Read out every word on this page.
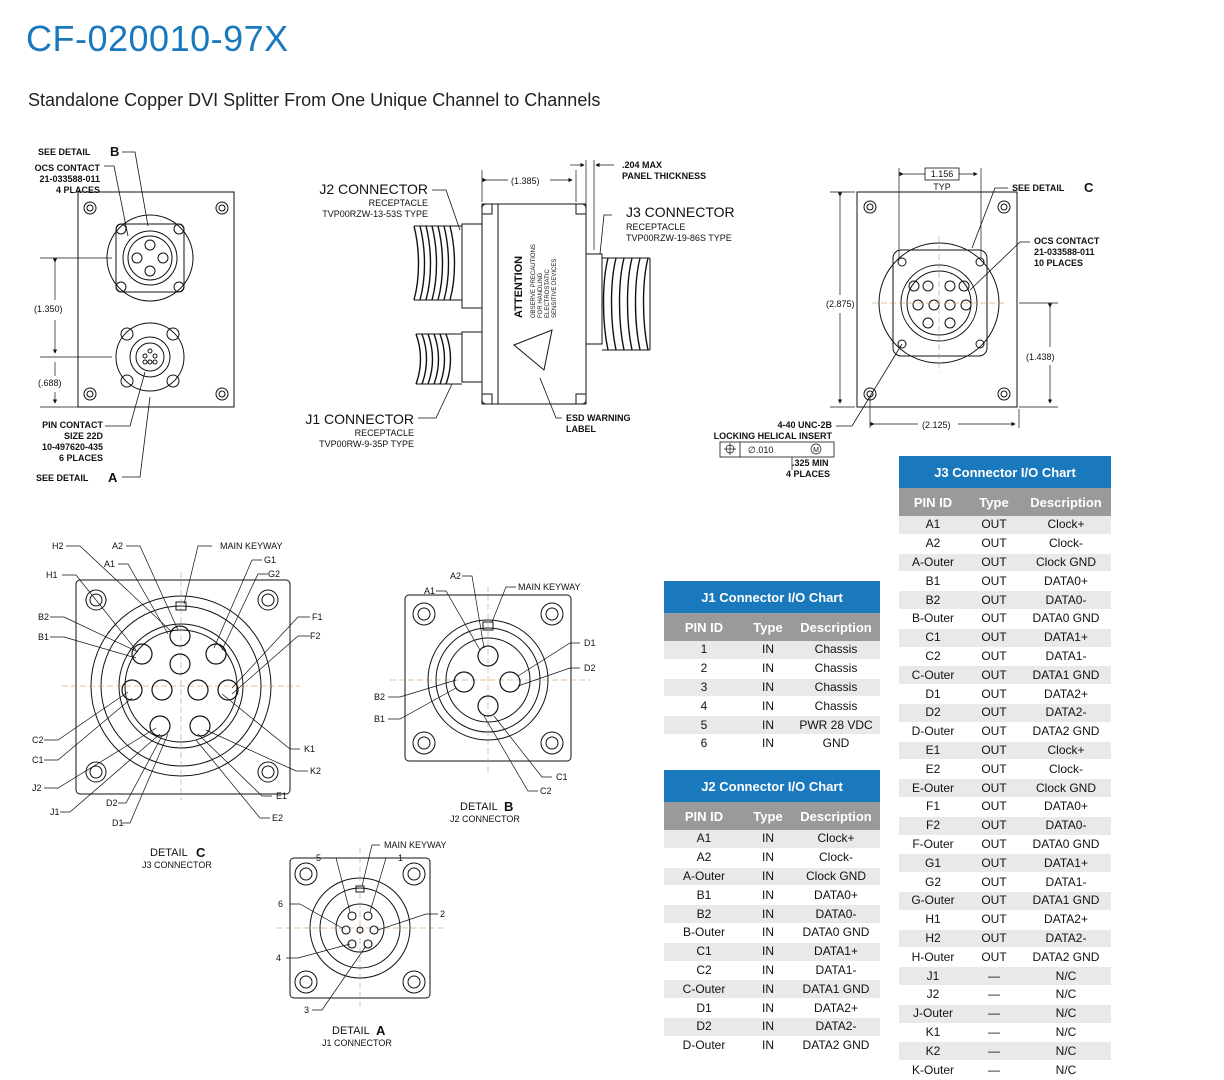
CF-020010-97X
Standalone Copper DVI Splitter From One Unique Channel to Channels
SEE DETAIL B
OCS CONTACT
21-033588-011
4 PLACES
(1.350)
(.688)
PIN CONTACT
SIZE 22D
10-497620-435
6 PLACES
SEE DETAIL A
J2 CONNECTOR
RECEPTACLE
TVP00RZW-13-53S TYPE
(1.385)
.204 MAX
PANEL THICKNESS
J3 CONNECTOR
RECEPTACLE
TVP00RZW-19-86S TYPE
ATTENTION OBSERVE PRECAUTIONS FOR HANDLING ELECTROSTATIC SENSITIVE DEVICES
J1 CONNECTOR
RECEPTACLE
TVP00RW-9-35P TYPE
ESD WARNING
LABEL
1.156
TYP	SEE DETAIL C
OCS CONTACT
21-033588-011
10 PLACES
(2.875)
(1.438)
(2.125)
4-40 UNC-2B
LOCKING HELICAL INSERT
∅.010	M
.325 MIN
4 PLACES
MAIN KEYWAY
H2	A2
H1
A1	G1
G2
B2
B1
F1
F2
C2
C1
K1
K2
J2
J1
D2
D1
E1
E2
DETAIL C
J3 CONNECTOR
MAIN KEYWAY
A2
A1
D1
D2
B2
B1
C1
C2
DETAIL B
J2 CONNECTOR
MAIN KEYWAY
5	1
6
2
4
3
DETAIL A
J1 CONNECTOR
J1 Connector I/O Chart		
PIN ID	Type	Description
1	IN	Chassis
2	IN	Chassis
3	IN	Chassis
4	IN	Chassis
5	IN	PWR 28 VDC
6	IN	GND
J2 Connector I/O Chart		
PIN ID	Type	Description
A1	IN	Clock+
A2	IN	Clock-
A-Outer	IN	Clock GND
B1	IN	DATA0+
B2	IN	DATA0-
B-Outer	IN	DATA0 GND
C1	IN	DATA1+
C2	IN	DATA1-
C-Outer	IN	DATA1 GND
D1	IN	DATA2+
D2	IN	DATA2-
D-Outer	IN	DATA2 GND
J3 Connector I/O Chart		
PIN ID	Type	Description
A1	OUT	Clock+
A2	OUT	Clock-
A-Outer	OUT	Clock GND
B1	OUT	DATA0+
B2	OUT	DATA0-
B-Outer	OUT	DATA0 GND
C1	OUT	DATA1+
C2	OUT	DATA1-
C-Outer	OUT	DATA1 GND
D1	OUT	DATA2+
D2	OUT	DATA2-
D-Outer	OUT	DATA2 GND
E1	OUT	Clock+
E2	OUT	Clock-
E-Outer	OUT	Clock GND
F1	OUT	DATA0+
F2	OUT	DATA0-
F-Outer	OUT	DATA0 GND
G1	OUT	DATA1+
G2	OUT	DATA1-
G-Outer	OUT	DATA1 GND
H1	OUT	DATA2+
H2	OUT	DATA2-
H-Outer	OUT	DATA2 GND
J1	—	N/C
J2	—	N/C
J-Outer	—	N/C
K1	—	N/C
K2	—	N/C
K-Outer	—	N/C
